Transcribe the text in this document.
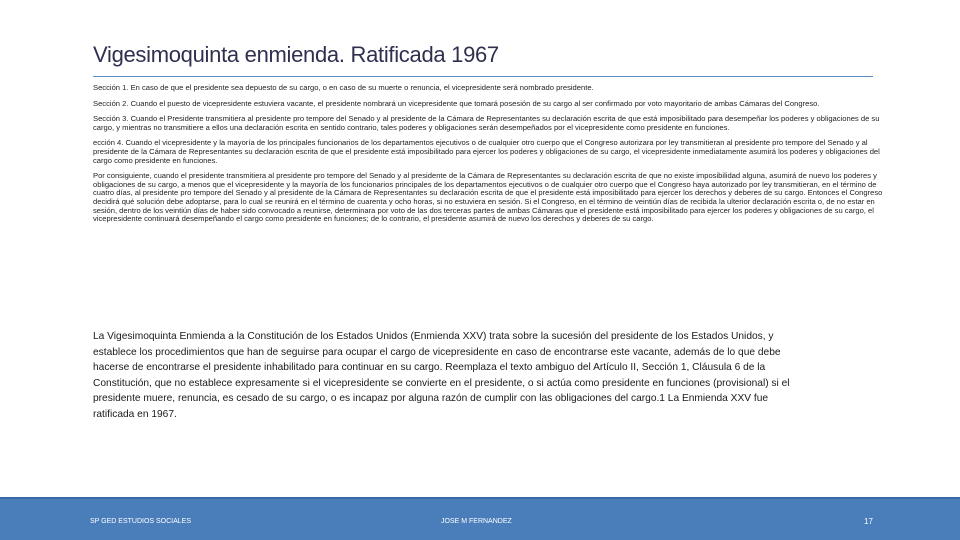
Vigesimoquinta enmienda. Ratificada 1967

Sección 1. En caso de que el presidente sea depuesto de su cargo, o en caso de su muerte o renuncia, el vicepresidente será nombrado presidente.

Sección 2. Cuando el puesto de vicepresidente estuviera vacante, el presidente nombrará un vicepresidente que tomará posesión de su cargo al ser confirmado por voto mayoritario de ambas Cámaras del Congreso.

Sección 3. Cuando el Presidente transmitiera al presidente pro tempore del Senado y al presidente de la Cámara de Representantes su declaración escrita de que está imposibilitado para desempeñar los poderes y obligaciones de su cargo, y mientras no transmitiere a ellos una declaración escrita en sentido contrario, tales poderes y obligaciones serán desempeñados por el vicepresidente como presidente en funciones.

ección 4. Cuando el vicepresidente y la mayoría de los principales funcionarios de los departamentos ejecutivos o de cualquier otro cuerpo que el Congreso autorizara por ley transmitieran al presidente pro tempore del Senado y al presidente de la Cámara de Representantes su declaración escrita de que el presidente está imposibilitado para ejercer los poderes y obligaciones de su cargo, el vicepresidente inmediatamente asumirá los poderes y obligaciones del cargo como presidente en funciones.

Por consiguiente, cuando el presidente transmitiera al presidente pro tempore del Senado y al presidente de la Cámara de Representantes su declaración escrita de que no existe imposibilidad alguna, asumirá de nuevo los poderes y obligaciones de su cargo, a menos que el vicepresidente y la mayoría de los funcionarios principales de los departamentos ejecutivos o de cualquier otro cuerpo que el Congreso haya autorizado por ley transmitieran, en el término de cuatro días, al presidente pro tempore del Senado y al presidente de la Cámara de Representantes su declaración escrita de que el presidente está imposibilitado para ejercer los derechos y deberes de su cargo. Entonces el Congreso decidirá qué solución debe adoptarse, para lo cual se reunirá en el término de cuarenta y ocho horas, si no estuviera en sesión. Si el Congreso, en el término de veintiún días de recibida la ulterior declaración escrita o, de no estar en sesión, dentro de los veintiún días de haber sido convocado a reunirse, determinara por voto de las dos terceras partes de ambas Cámaras que el presidente está imposibilitado para ejercer los poderes y obligaciones de su cargo, el vicepresidente continuará desempeñando el cargo como presidente en funciones; de lo contrario, el presidente asumirá de nuevo los derechos y deberes de su cargo.

La Vigesimoquinta Enmienda a la Constitución de los Estados Unidos (Enmienda XXV) trata sobre la sucesión del presidente de los Estados Unidos, y establece los procedimientos que han de seguirse para ocupar el cargo de vicepresidente en caso de encontrarse este vacante, además de lo que debe hacerse de encontrarse el presidente inhabilitado para continuar en su cargo. Reemplaza el texto ambiguo del Artículo II, Sección 1, Cláusula 6 de la Constitución, que no establece expresamente si el vicepresidente se convierte en el presidente, o si actúa como presidente en funciones (provisional) si el presidente muere, renuncia, es cesado de su cargo, o es incapaz por alguna razón de cumplir con las obligaciones del cargo.1 La Enmienda XXV fue ratificada en 1967.

SP GED ESTUDIOS SOCIALES	JOSE M FERNANDEZ	17
